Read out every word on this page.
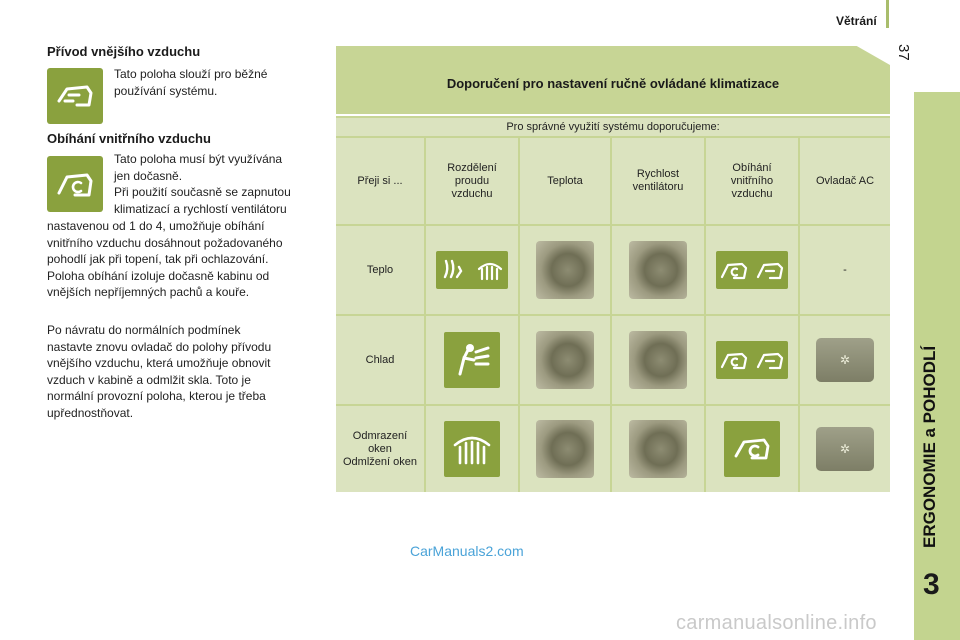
Větrání
37
ERGONOMIE a POHODLÍ
3
Přívod vnějšího vzduchu
Tato poloha slouží pro běžné
používání systému.
Obíhání vnitřního vzduchu
Tato poloha musí být využívána
jen dočasně.
Při použití současně se zapnutou
klimatizací a rychlostí ventilátoru
nastavenou od 1 do 4, umožňuje obíhání
vnitřního vzduchu dosáhnout požadovaného
pohodlí jak při topení, tak při ochlazování.
Poloha obíhání izoluje dočasně kabinu od
vnějších nepříjemných pachů a kouře.
Po návratu do normálních podmínek
nastavte znovu ovladač do polohy přívodu
vnějšího vzduchu, která umožňuje obnovit
vzduch v kabině a odmlžit skla. Toto je
normální provozní poloha, kterou je třeba
upřednostňovat.
Doporučení pro nastavení ručně ovládané klimatizace
Pro správné využití systému doporučujeme:
Přeji si ...
Rozdělení
proudu
vzduchu
Teplota
Rychlost
ventilátoru
Obíhání
vnitřního
vzduchu
Ovladač AC
Teplo	-
Chlad	✲
Odmrazení
oken
Odmlžení oken
✲
CarManuals2.com
carmanualsonline.info
